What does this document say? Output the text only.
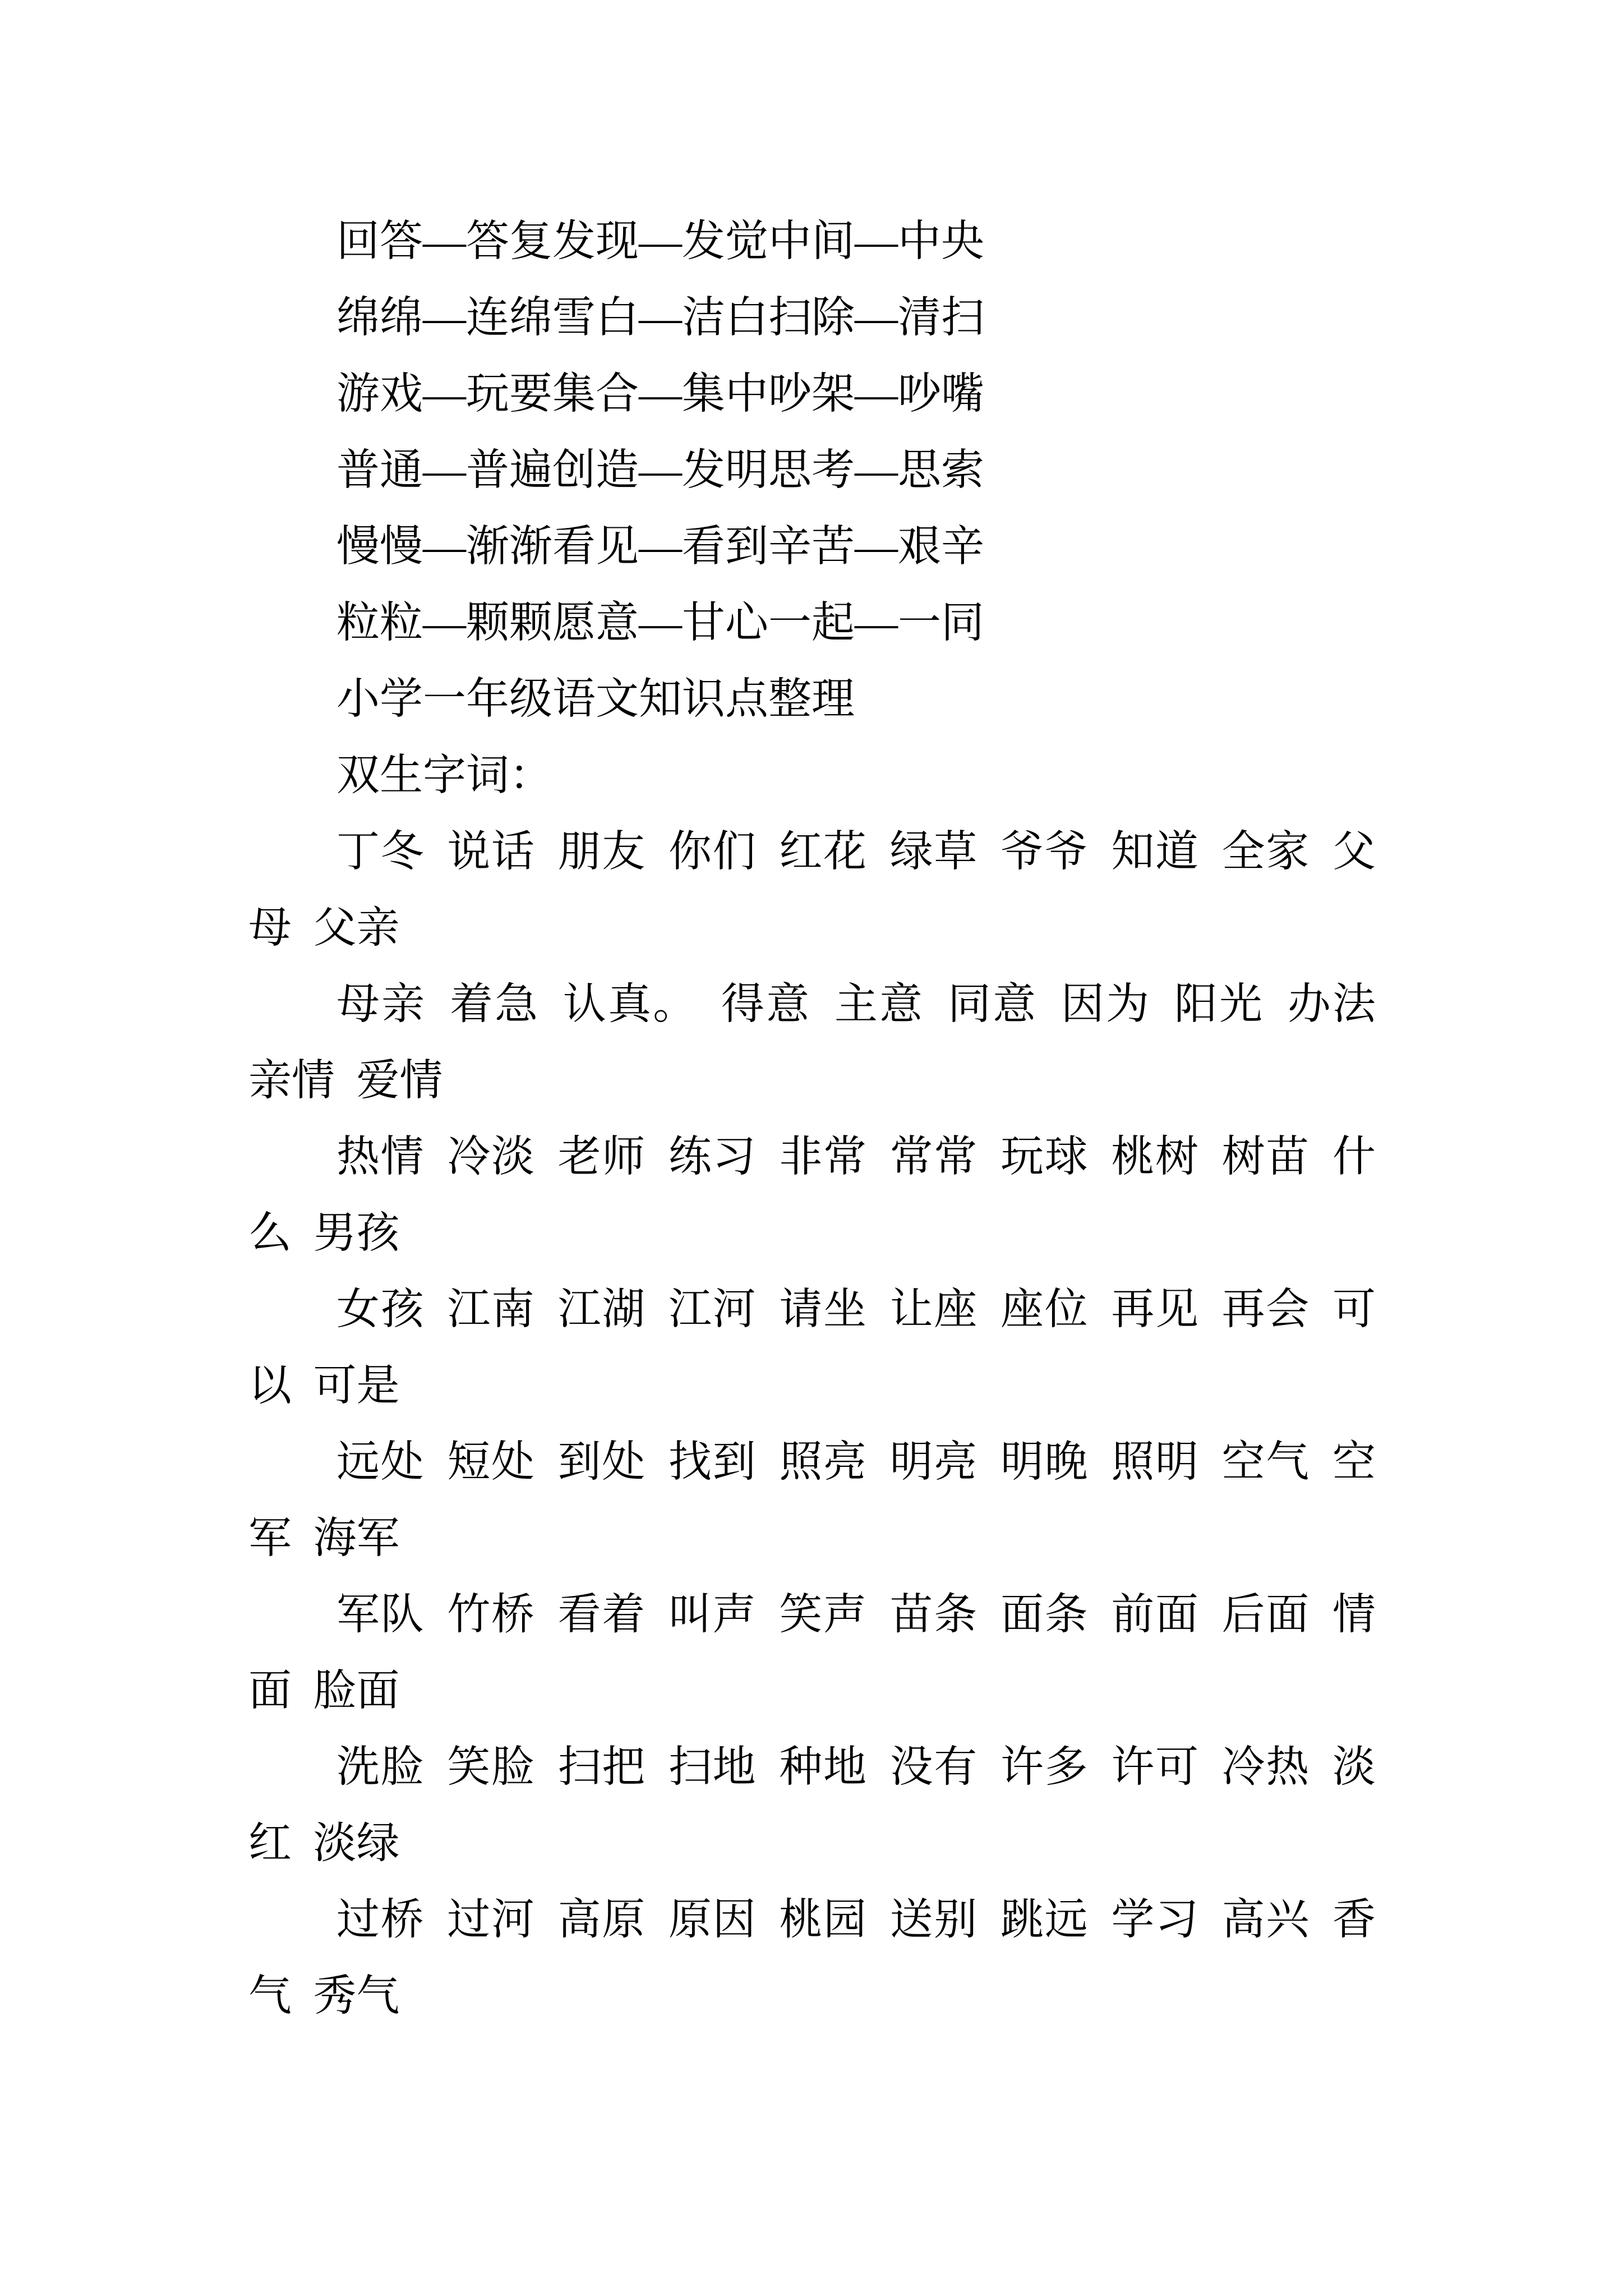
回答—答复发现—发觉中间—中央
绵绵—连绵雪白—洁白扫除—清扫
游戏—玩要集合—集中吵架—吵嘴
普通—普遍创造—发明思考—思索
慢慢—渐渐看见—看到辛苦—艰辛
粒粒—颗颗愿意—甘心一起—一同
小学一年级语文知识点整理
双生字词：
丁冬 说话 朋友 你们 红花 绿草 爷爷 知道 全家 父
母 父亲
母亲 着急 认真。 得意 主意 同意 因为 阳光 办法
亲情 爱情
热情 冷淡 老师 练习 非常 常常 玩球 桃树 树苗 什
么 男孩
女孩 江南 江湖 江河 请坐 让座 座位 再见 再会 可
以 可是
远处 短处 到处 找到 照亮 明亮 明晚 照明 空气 空
军 海军
军队 竹桥 看着 叫声 笑声 苗条 面条 前面 后面 情
面 脸面
洗脸 笑脸 扫把 扫地 种地 没有 许多 许可 冷热 淡
红 淡绿
过桥 过河 高原 原因 桃园 送别 跳远 学习 高兴 香
气 秀气
